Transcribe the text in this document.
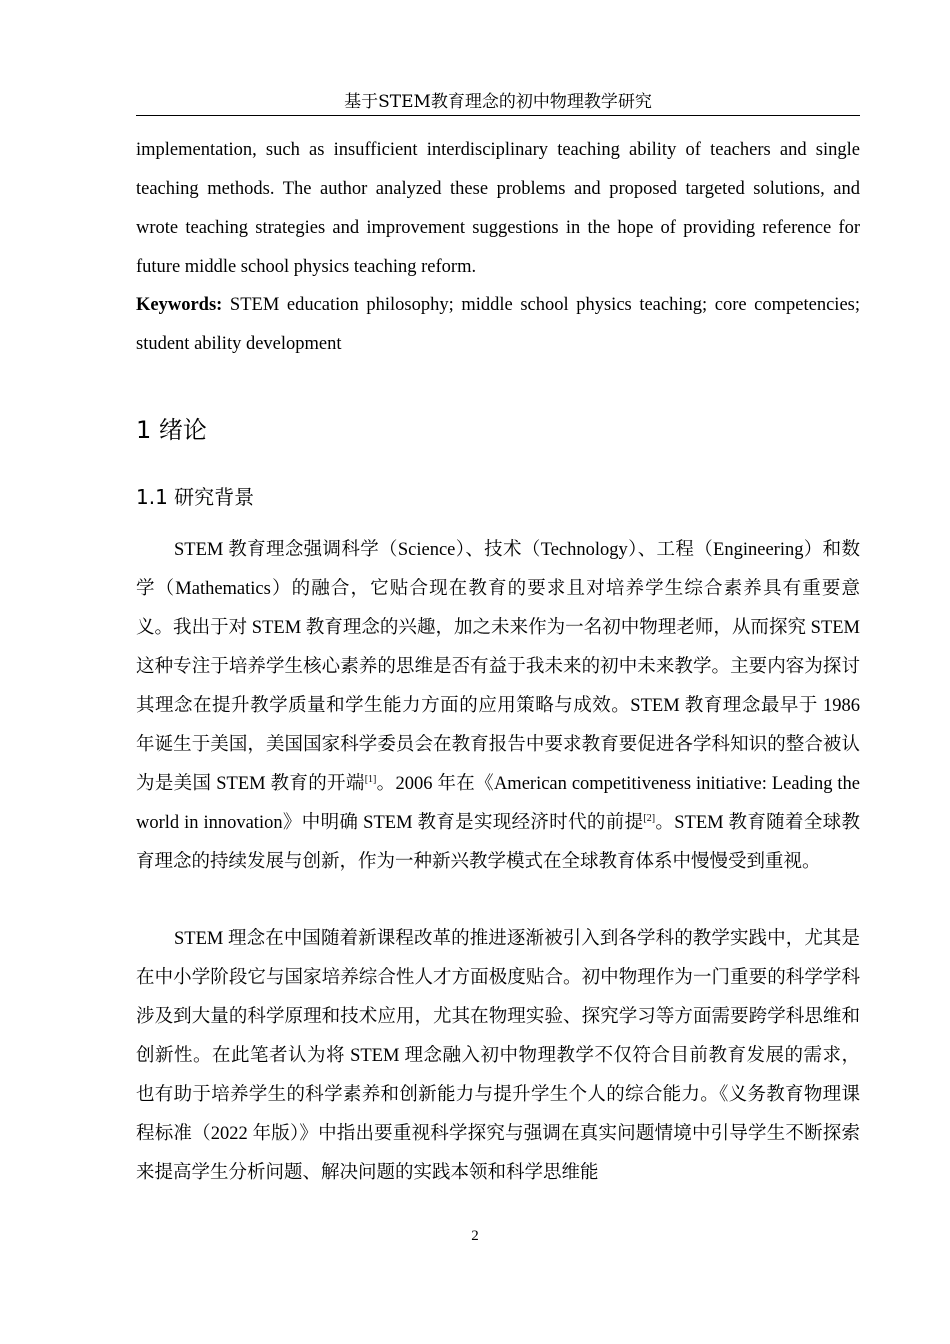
基于STEM教育理念的初中物理教学研究

implementation, such as insufficient interdisciplinary teaching ability of teachers and single teaching methods. The author analyzed these problems and proposed targeted solutions, and wrote teaching strategies and improvement suggestions in the hope of providing reference for future middle school physics teaching reform.

Keywords: STEM education philosophy; middle school physics teaching; core competencies; student ability development

1 绪论
1.1 研究背景

STEM 教育理念强调科学（Science）、技术（Technology）、工程（Engineering）和数学（Mathematics）的融合，它贴合现在教育的要求且对培养学生综合素养具有重要意义。我出于对 STEM 教育理念的兴趣，加之未来作为一名初中物理老师，从而探究 STEM 这种专注于培养学生核心素养的思维是否有益于我未来的初中未来教学。主要内容为探讨其理念在提升教学质量和学生能力方面的应用策略与成效。STEM 教育理念最早于 1986 年诞生于美国，美国国家科学委员会在教育报告中要求教育要促进各学科知识的整合被认为是美国 STEM 教育的开端[1]。2006 年在《American competitiveness initiative: Leading the world in innovation》中明确 STEM 教育是实现经济时代的前提[2]。STEM 教育随着全球教育理念的持续发展与创新，作为一种新兴教学模式在全球教育体系中慢慢受到重视。

STEM 理念在中国随着新课程改革的推进逐渐被引入到各学科的教学实践中，尤其是在中小学阶段它与国家培养综合性人才方面极度贴合。初中物理作为一门重要的科学学科涉及到大量的科学原理和技术应用，尤其在物理实验、探究学习等方面需要跨学科思维和创新性。在此笔者认为将 STEM 理念融入初中物理教学不仅符合目前教育发展的需求，也有助于培养学生的科学素养和创新能力与提升学生个人的综合能力。《义务教育物理课程标准（2022 年版）》中指出要重视科学探究与强调在真实问题情境中引导学生不断探索来提高学生分析问题、解决问题的实践本领和科学思维能

2
